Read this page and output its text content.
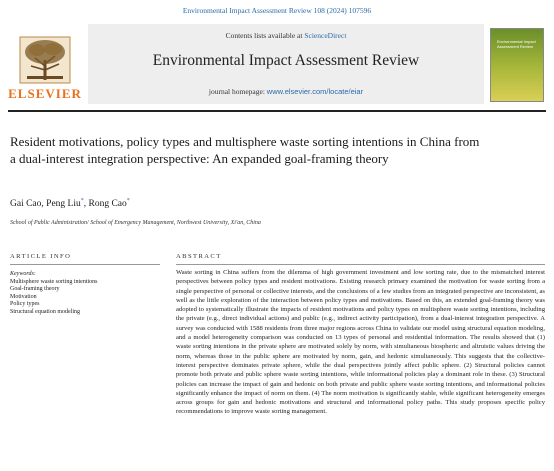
Environmental Impact Assessment Review 108 (2024) 107596
ELSEVIER
Contents lists available at ScienceDirect
Environmental Impact Assessment Review
journal homepage: www.elsevier.com/locate/eiar
Environmental Impact Assessment Review
Resident motivations, policy types and multisphere waste sorting intentions in China from a dual-interest integration perspective: An expanded goal-framing theory
Gai Cao, Peng Liu*, Rong Cao*
School of Public Administration/ School of Emergency Management, Northwest University, Xi'an, China
ARTICLE INFO	ABSTRACT
Keywords:
Multisphere waste sorting intentions
Goal-framing theory
Motivation
Policy types
Structural equation modeling
Waste sorting in China suffers from the dilemma of high government investment and low sorting rate, due to the mismatched interest perspectives between policy types and resident motivations. Existing research primary examined the motivation for waste sorting from a single perspective of personal or collective interests, and the conclusions of a few studies from an integrated perspective are inconsistent, as well as the little exploration of the interaction between policy types and motivations. Based on this, an extended goal-framing theory was adopted to systematically illustrate the impacts of resident motivations and policy types on multisphere waste sorting intentions, including the private (e.g., direct individual actions) and public (e.g., indirect activity participation), from a dual-interest integration perspective. A survey was conducted with 1588 residents from three major regions across China to validate our model using structural equation modeling, and a model heterogeneity comparison was conducted on 13 types of personal and residential information. The results showed that (1) waste sorting intentions in the private sphere are motivated solely by norm, with simultaneous biospheric and altruistic values driving the norm, whereas those in the public sphere are motivated by norm, gain, and hedonic simultaneously. This suggests that the collective-interest perspective dominates private sphere, while the dual perspectives jointly affect public sphere. (2) Structural policies cannot promote both private and public sphere waste sorting intentions, while informational policies play a dominant role in these. (3) Structural policies can increase the impact of gain and hedonic on both private and public sphere waste sorting intentions, and informational policies significantly enhance the impact of norm on them. (4) The norm motivation is significantly stable, while significant heterogeneity emerges across groups for gain and hedonic motivations and structural and informational policy paths. This study proposes specific policy recommendations to improve waste sorting management.
